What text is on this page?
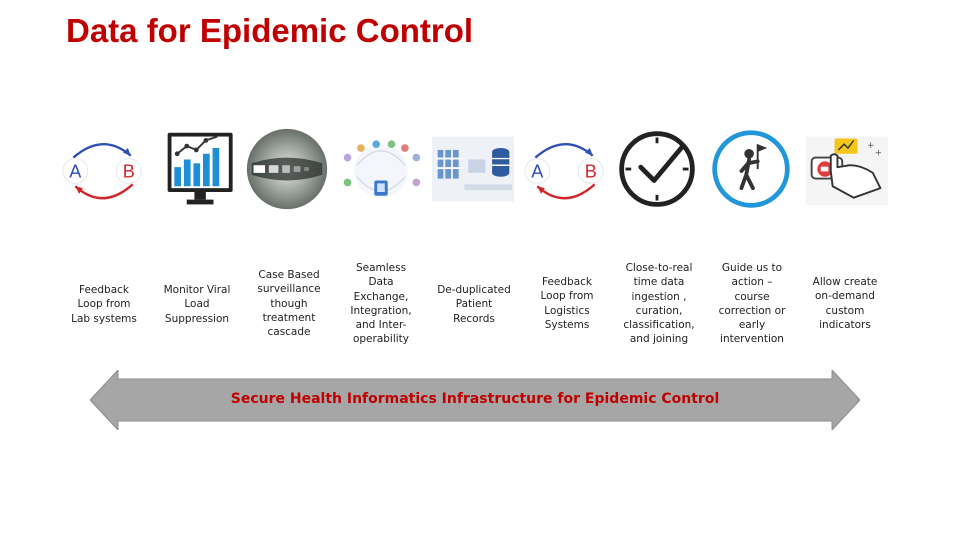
Data for Epidemic Control
A B	A B
+
+
Feedback
Loop from
Lab systems
Monitor Viral
Load
Suppression
Case Based
surveillance
though
treatment
cascade
Seamless
Data
Exchange,
Integration,
and Inter-
operability
De-duplicated
Patient
Records
Feedback
Loop from
Logistics
Systems
Close-to-real
time data
ingestion ,
curation,
classification,
and joining
Guide us to
action –
course
correction or
early
intervention
Allow create
on-demand
custom
indicators
Secure Health Informatics Infrastructure for Epidemic Control
